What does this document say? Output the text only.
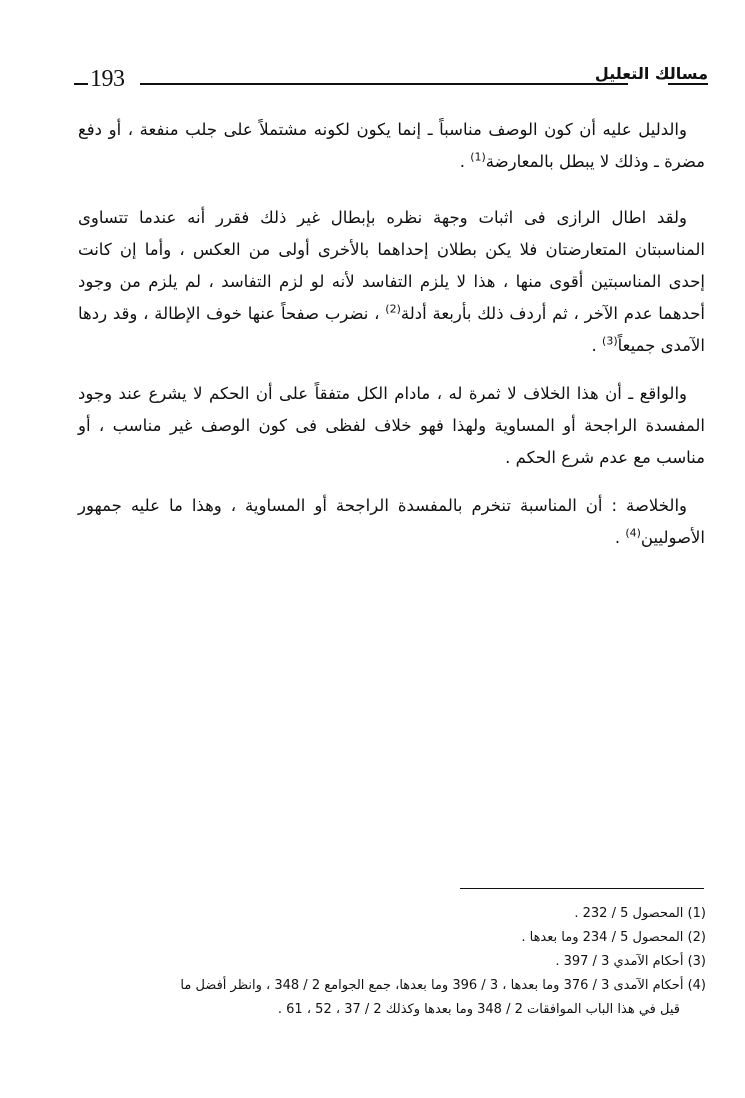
مسالك التعليل
193

والدليل عليه أن كون الوصف مناسباً ـ إنما يكون لكونه مشتملاً على جلب منفعة ، أو دفع مضرة ـ وذلك لا يبطل بالمعارضة$^{(1)}$ .

ولقد اطال الرازى فى اثبات وجهة نظره بإبطال غير ذلك فقرر أنه عندما تتساوى المناسبتان المتعارضتان فلا يكن بطلان إحداهما بالأخرى أولى من العكس ، وأما إن كانت إحدى المناسبتين أقوى منها ، هذا لا يلزم التفاسد لأنه لو لزم التفاسد ، لم يلزم من وجود أحدهما عدم الآخر ، ثم أردف ذلك بأربعة أدلة$^{(2)}$ ، نضرب صفحاً عنها خوف الإطالة ، وقد ردها الآمدى جميعاً$^{(3)}$ .

والواقع ـ أن هذا الخلاف لا ثمرة له ، مادام الكل متفقاً على أن الحكم لا يشرع عند وجود المفسدة الراجحة أو المساوية ولهذا فهو خلاف لفظى فى كون الوصف غير مناسب ، أو مناسب مع عدم شرع الحكم .

والخلاصة : أن المناسبة تنخرم بالمفسدة الراجحة أو المساوية ، وهذا ما عليه جمهور الأصوليين$^{(4)}$ .

(1) المحصول 5 / 232 .

(2) المحصول 5 / 234 وما بعدها .

(3) أحكام الآمدي 3 / 397 .

(4) أحكام الآمدى 3 / 376 وما بعدها ، 3 / 396 وما بعدها، جمع الجوامع 2 / 348 ، وانظر أفضل ما

قيل في هذا الباب الموافقات 2 / 348 وما بعدها وكذلك 2 / 37 ، 52 ، 61 .
